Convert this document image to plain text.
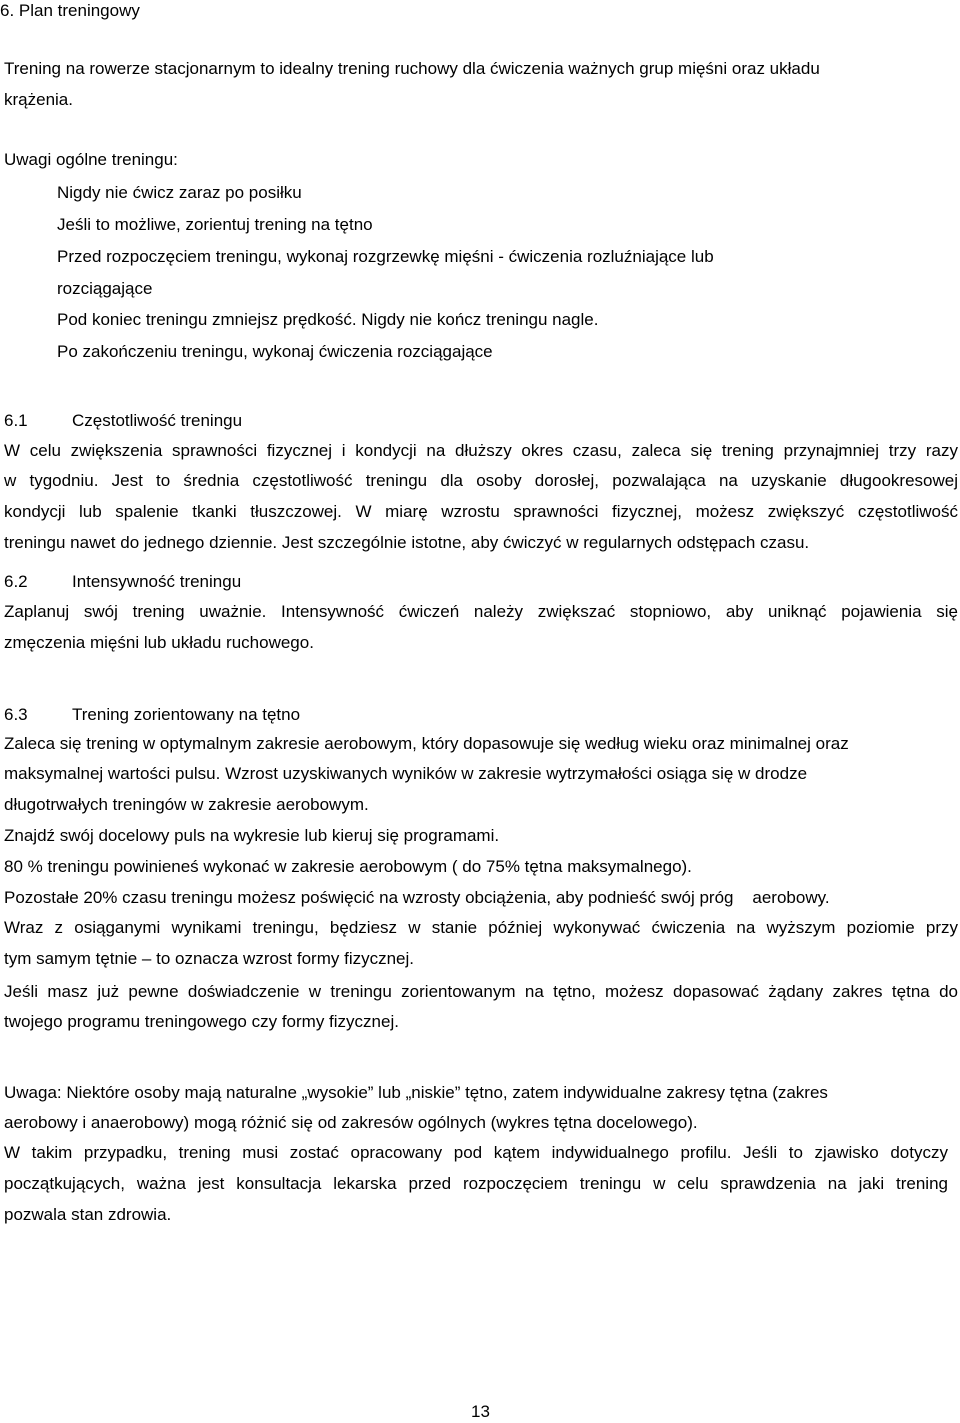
6. Plan treningowy
Trening na rowerze stacjonarnym to idealny trening ruchowy dla ćwiczenia ważnych grup mięśni oraz układu
krążenia.
Uwagi ogólne treningu:
Nigdy nie ćwicz zaraz po posiłku
Jeśli to możliwe, zorientuj trening na tętno
Przed rozpoczęciem treningu, wykonaj rozgrzewkę mięśni - ćwiczenia rozluźniające lub
rozciągające
Pod koniec treningu zmniejsz prędkość. Nigdy nie kończ treningu nagle.
Po zakończeniu treningu, wykonaj ćwiczenia rozciągające
6.1	Częstotliwość treningu
W celu zwiększenia sprawności fizycznej i kondycji na dłuższy okres czasu, zaleca się trening przynajmniej trzy razy
w tygodniu. Jest to średnia częstotliwość treningu dla osoby dorosłej, pozwalająca na uzyskanie długookresowej
kondycji lub spalenie tkanki tłuszczowej. W miarę wzrostu sprawności fizycznej, możesz zwiększyć częstotliwość
treningu nawet do jednego dziennie. Jest szczególnie istotne, aby ćwiczyć w regularnych odstępach czasu.
6.2	Intensywność treningu
Zaplanuj swój trening uważnie. Intensywność ćwiczeń należy zwiększać stopniowo, aby uniknąć pojawienia się
zmęczenia mięśni lub układu ruchowego.
6.3	Trening zorientowany na tętno
Zaleca się trening w optymalnym zakresie aerobowym, który dopasowuje się według wieku oraz minimalnej oraz
maksymalnej wartości pulsu. Wzrost uzyskiwanych wyników w zakresie wytrzymałości osiąga się w drodze
długotrwałych treningów w zakresie aerobowym.
Znajdź swój docelowy puls na wykresie lub kieruj się programami.
80 % treningu powinieneś wykonać w zakresie aerobowym ( do 75% tętna maksymalnego).
Pozostałe 20% czasu treningu możesz poświęcić na wzrosty obciążenia, aby podnieść swój próg    aerobowy.
Wraz z osiąganymi wynikami treningu, będziesz w stanie później wykonywać ćwiczenia na wyższym poziomie przy
tym samym tętnie – to oznacza wzrost formy fizycznej.
Jeśli masz już pewne doświadczenie w treningu zorientowanym na tętno, możesz dopasować żądany zakres tętna do
twojego programu treningowego czy formy fizycznej.
Uwaga: Niektóre osoby mają naturalne „wysokie” lub „niskie” tętno, zatem indywidualne zakresy tętna (zakres
aerobowy i anaerobowy) mogą różnić się od zakresów ogólnych (wykres tętna docelowego).
W takim przypadku, trening musi zostać opracowany pod kątem indywidualnego profilu. Jeśli to zjawisko dotyczy
początkujących, ważna jest konsultacja lekarska przed rozpoczęciem treningu w celu sprawdzenia na jaki trening
pozwala stan zdrowia.
13
